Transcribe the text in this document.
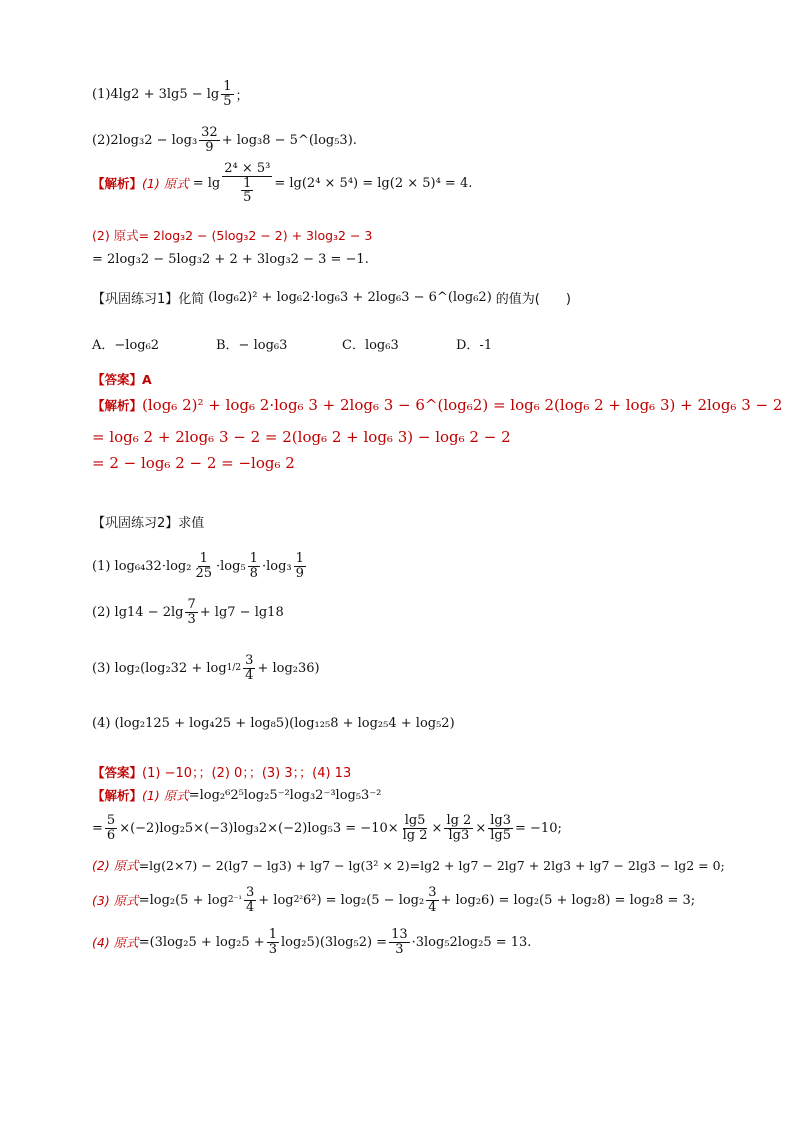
$(1)4\lg 2 + 3\lg 5 - \lg \frac{1}{5}$ ；
$(2)2\log_32 - \log_3 \frac{32}{9} + \log_38$ − 5^(log₅3).
【解析】 (1) 原式 = $\lg \frac{\text{2⁴ × 5³}}{\frac{1}{5}} = \lg(2^4 \times 5^4) = \lg(2 \times 5)^4 = 4$.
(2) 原式= 2log₃2 − (5log₃2 − 2) + 3log₃2 − 3
= 2log₃2 − 5log₃2 + 2 + 3log₃2 − 3 = −1.
【巩固练习1】化简 (log₆2)² + log₆2·log₆3 + 2log₆3 − 6^(log₆2) 的值为(　　)
A．−log₆2	B．− log₆3	C．log₆3	D．-1
【答案】 A
【解析】 (log₆ 2)² + log₆ 2·log₆ 3 + 2log₆ 3 − 6^(log₆2) = log₆ 2(log₆ 2 + log₆ 3) + 2log₆ 3 − 2
= log₆ 2 + 2log₆ 3 − 2 = 2(log₆ 2 + log₆ 3) − log₆ 2 − 2
= 2 − log₆ 2 − 2 = −log₆ 2
【巩固练习2】求值
(1) $\log_{64}32\cdot\log_2 \frac{1}{25} \cdot\log_5 \frac{1}{8} \cdot\log_3 \frac{1}{9}$
(2) $\lg 14 - 2\lg \frac{7}{3} + \lg 7 - \lg 18$
(3) $\log_2(\log_232 + \log 1/2 \frac{3}{4} + \log_236)$
(4) (log₂125 + log₄25 + log₈5)(log₁₂₅8 + log₂₅4 + log₅2)
【答案】 (1) −10；；(2) 0；；(3) 3；；(4) 13
【解析】 (1) 原式 =log₂⁶2⁵log₂5⁻²log₃2⁻³log₅3⁻²
= $\frac{5}{6} \times(-2)\log_25\times(-3)\log_32\times(-2)\log_53 = -10\times \frac{\lg 5}{\lg 2} \times \frac{\lg 2}{\lg 3} \times \frac{\lg 3}{\lg 5} = -10$;
(2) 原式 =lg(2×7) − 2(lg7 − lg3) + lg7 − lg(3² × 2)=lg2 + lg7 − 2lg7 + 2lg3 + lg7 − 2lg3 − lg2 = 0;
(3) 原式 $=\log_2(5 + \log 2^{-1} \frac{3}{4} + \log 2^2$ $6^2) = \log_2(5 - \log_2 \frac{3}{4} + \log_26) = \log_2(5 + \log_28) = \log_28 = 3$;
(4) 原式 $=(3\log_25 + \log_25 + \frac{1}{3} \log_25)(3\log_52) = \frac{13}{3} \cdot 3\log_52\log_25 = 13$.
